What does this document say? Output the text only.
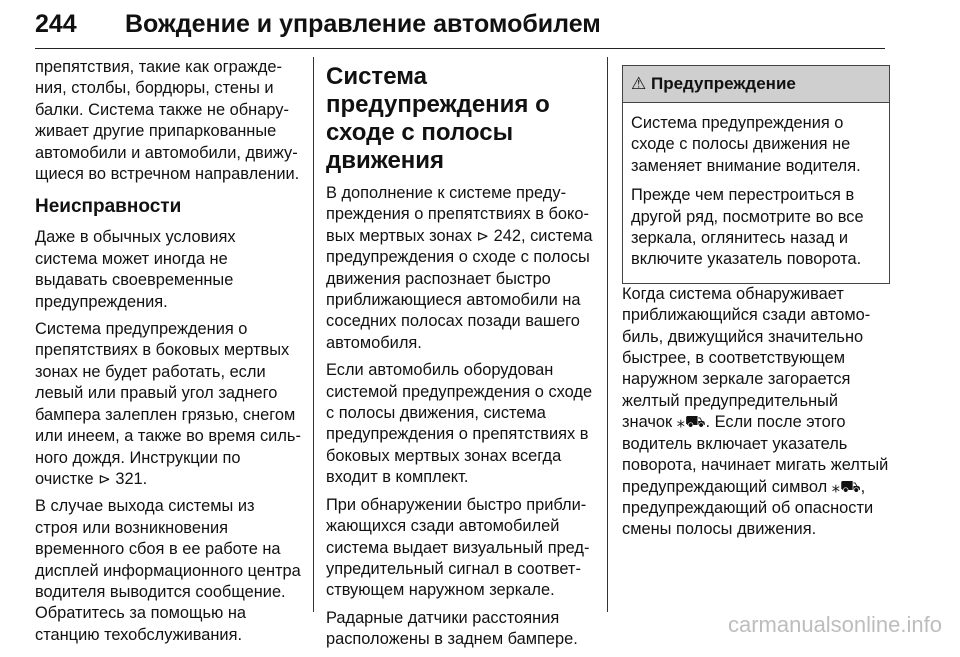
244 Вождение и управление автомобилем

препятствия, такие как ограждения, столбы, бордюры, стены и балки. Система также не обнаруживает другие припаркованные автомобили и автомобили, движущиеся во встречном направлении.

Неисправности

Даже в обычных условиях система может иногда не выдавать своевременные предупреждения.

Система предупреждения о препятствиях в боковых мертвых зонах не будет работать, если левый или правый угол заднего бампера залеплен грязью, снегом или инеем, а также во время сильного дождя. Инструкции по очистке ⊳ 321.

В случае выхода системы из строя или возникновения временного сбоя в ее работе на дисплей информационного центра водителя выводится сообщение. Обратитесь за помощью на станцию техобслуживания.

Система предупреждения о сходе с полосы движения

В дополнение к системе предупреждения о препятствиях в боковых мертвых зонах ⊳ 242, система предупреждения о сходе с полосы движения распознает быстро приближающиеся автомобили на соседних полосах позади вашего автомобиля.

Если автомобиль оборудован системой предупреждения о сходе с полосы движения, система предупреждения о препятствиях в боковых мертвых зонах всегда входит в комплект.

При обнаружении быстро приближающихся сзади автомобилей система выдает визуальный предупредительный сигнал в соответствующем наружном зеркале.

Радарные датчики расстояния расположены в заднем бампере.

⚠ Предупреждение

Система предупреждения о сходе с полосы движения не заменяет внимание водителя.

Прежде чем перестроиться в другой ряд, посмотрите во все зеркала, оглянитесь назад и включите указатель поворота.

Когда система обнаруживает приближающийся сзади автомобиль, движущийся значительно быстрее, в соответствующем наружном зеркале загорается желтый предупредительный значок ⁎⛟. Если после этого водитель включает указатель поворота, начинает мигать желтый предупреждающий символ ⁎⛟, предупреждающий об опасности смены полосы движения.

carmanualsonline.info
